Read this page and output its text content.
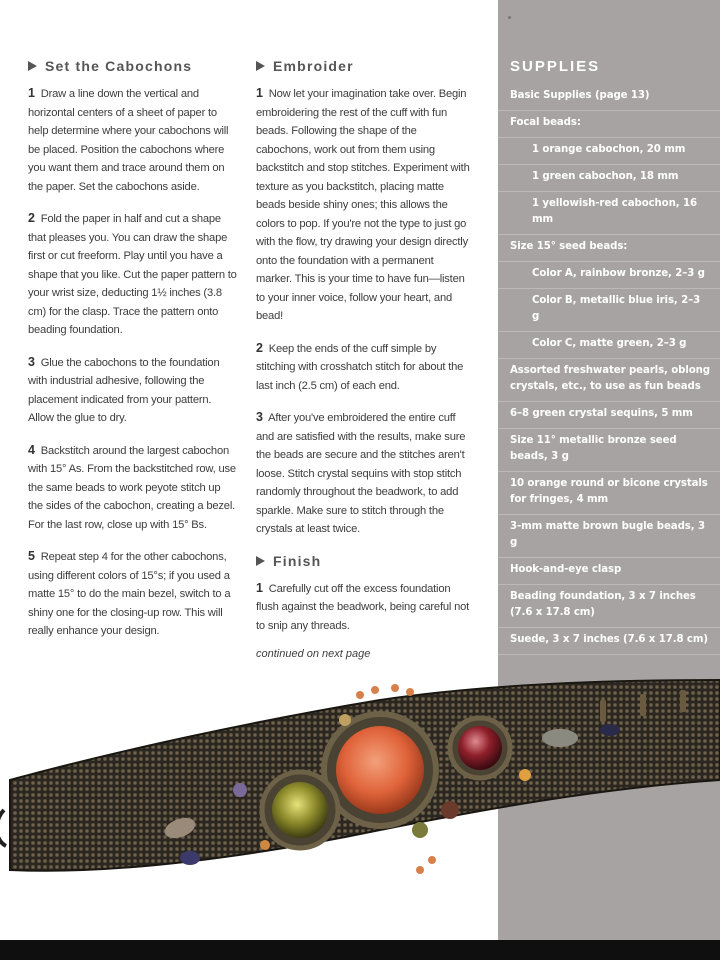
Set the Cabochons

1 Draw a line down the vertical and horizontal centers of a sheet of paper to help determine where your cabochons will be placed. Position the cabochons where you want them and trace around them on the paper. Set the cabochons aside.

2 Fold the paper in half and cut a shape that pleases you. You can draw the shape first or cut freeform. Play until you have a shape that you like. Cut the paper pattern to your wrist size, deducting 1½ inches (3.8 cm) for the clasp. Trace the pattern onto beading foundation.

3 Glue the cabochons to the foundation with industrial adhesive, following the placement indicated from your pattern. Allow the glue to dry.

4 Backstitch around the largest cabochon with 15° As. From the backstitched row, use the same beads to work peyote stitch up the sides of the cabochon, creating a bezel. For the last row, close up with 15° Bs.

5 Repeat step 4 for the other cabochons, using different colors of 15°s; if you used a matte 15° to do the main bezel, switch to a shiny one for the closing-up row. This will really enhance your design.

Embroider

1 Now let your imagination take over. Begin embroidering the rest of the cuff with fun beads. Following the shape of the cabochons, work out from them using backstitch and stop stitches. Experiment with texture as you backstitch, placing matte beads beside shiny ones; this allows the colors to pop. If you're not the type to just go with the flow, try drawing your design directly onto the foundation with a permanent marker. This is your time to have fun—listen to your inner voice, follow your heart, and bead!

2 Keep the ends of the cuff simple by stitching with crosshatch stitch for about the last inch (2.5 cm) of each end.

3 After you've embroidered the entire cuff and are satisfied with the results, make sure the beads are secure and the stitches aren't loose. Stitch crystal sequins with stop stitch randomly throughout the beadwork, to add sparkle. Make sure to stitch through the crystals at least twice.

Finish

1 Carefully cut off the excess foundation flush against the beadwork, being careful not to snip any threads.

continued on next page
SUPPLIES
Basic Supplies (page 13)
Focal beads:
1 orange cabochon, 20 mm
1 green cabochon, 18 mm
1 yellowish-red cabochon, 16 mm
Size 15° seed beads:
Color A, rainbow bronze, 2–3 g
Color B, metallic blue iris, 2–3 g
Color C, matte green, 2–3 g
Assorted freshwater pearls, oblong crystals, etc., to use as fun beads
6–8 green crystal sequins, 5 mm
Size 11° metallic bronze seed beads, 3 g
10 orange round or bicone crystals for fringes, 4 mm
3-mm matte brown bugle beads, 3 g
Hook-and-eye clasp
Beading foundation, 3 x 7 inches (7.6 x 17.8 cm)
Suede, 3 x 7 inches (7.6 x 17.8 cm)
